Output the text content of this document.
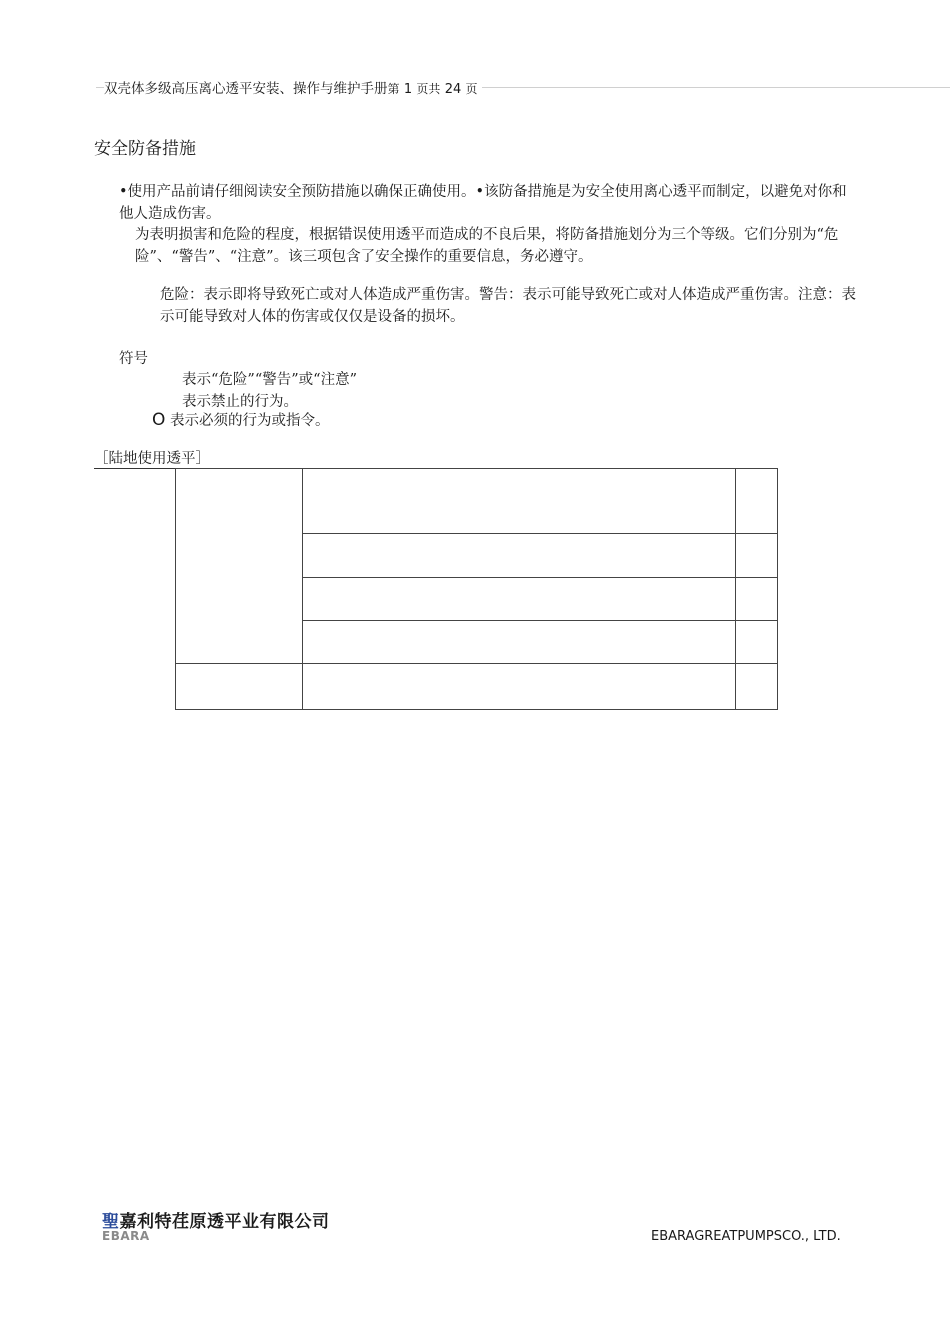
双壳体多级高压离心透平安装、操作与维护手册第 1 页共 24 页
安全防备措施
•使用产品前请仔细阅读安全预防措施以确保正确使用。•该防备措施是为安全使用离心透平而制定，以避免对你和他人造成伤害。
为表明损害和危险的程度，根据错误使用透平而造成的不良后果，将防备措施划分为三个等级。它们分别为“危险”、“警告”、“注意”。该三项包含了安全操作的重要信息，务必遵守。
危险：表示即将导致死亡或对人体造成严重伤害。警告：表示可能导致死亡或对人体造成严重伤害。注意：表示可能导致对人体的伤害或仅仅是设备的损坏。
符号
表示“危险”“警告”或“注意”
表示禁止的行为。
O 表示必须的行为或指令。
［陆地使用透平］
聖嘉利特荏原透平业有限公司
EBARA	EBARAGREATPUMPSCO., LTD.
